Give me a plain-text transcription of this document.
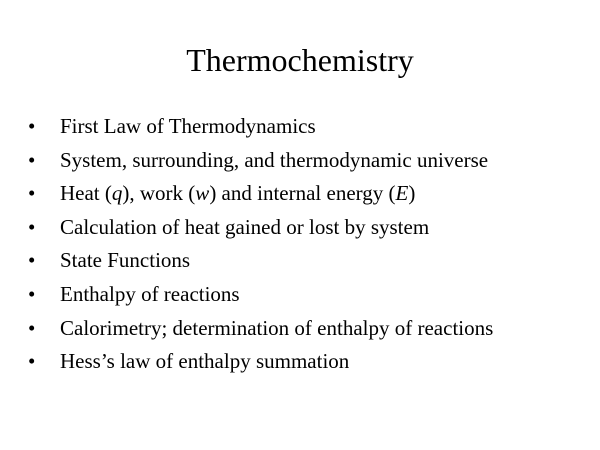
Thermochemistry
•	First Law of Thermodynamics
•	System, surrounding, and thermodynamic universe
•	Heat (q), work (w) and internal energy (E)
•	Calculation of heat gained or lost by system
•	State Functions
•	Enthalpy of reactions
•	Calorimetry; determination of enthalpy of reactions
•	Hess’s law of enthalpy summation
